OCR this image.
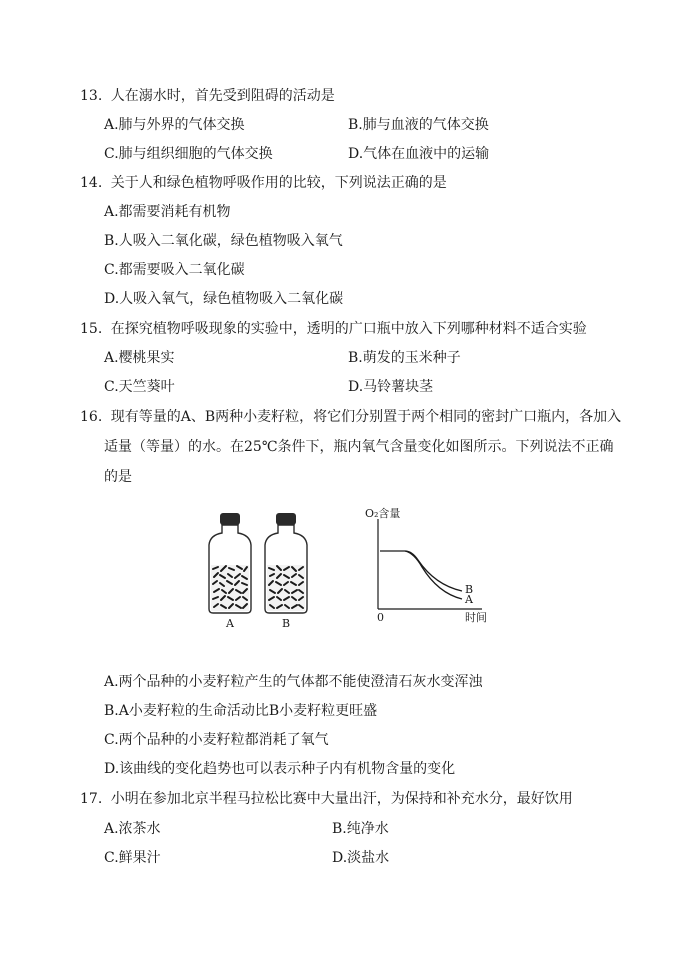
13. 人在溺水时，首先受到阻碍的活动是
A.肺与外界的气体交换	B.肺与血液的气体交换
C.肺与组织细胞的气体交换	D.气体在血液中的运输
14. 关于人和绿色植物呼吸作用的比较，下列说法正确的是
A.都需要消耗有机物
B.人吸入二氧化碳，绿色植物吸入氧气
C.都需要吸入二氧化碳
D.人吸入氧气，绿色植物吸入二氧化碳
15. 在探究植物呼吸现象的实验中，透明的广口瓶中放入下列哪种材料不适合实验
A.樱桃果实	B.萌发的玉米种子
C.天竺葵叶	D.马铃薯块茎
16. 现有等量的A、B两种小麦籽粒，将它们分别置于两个相同的密封广口瓶内，各加入
适量（等量）的水。在25℃条件下，瓶内氧气含量变化如图所示。下列说法不正确
的是
A	B
O₂含量
时间
0
B
A
A.两个品种的小麦籽粒产生的气体都不能使澄清石灰水变浑浊
B.A小麦籽粒的生命活动比B小麦籽粒更旺盛
C.两个品种的小麦籽粒都消耗了氧气
D.该曲线的变化趋势也可以表示种子内有机物含量的变化
17. 小明在参加北京半程马拉松比赛中大量出汗，为保持和补充水分，最好饮用
A.浓茶水	B.纯净水
C.鲜果汁	D.淡盐水
